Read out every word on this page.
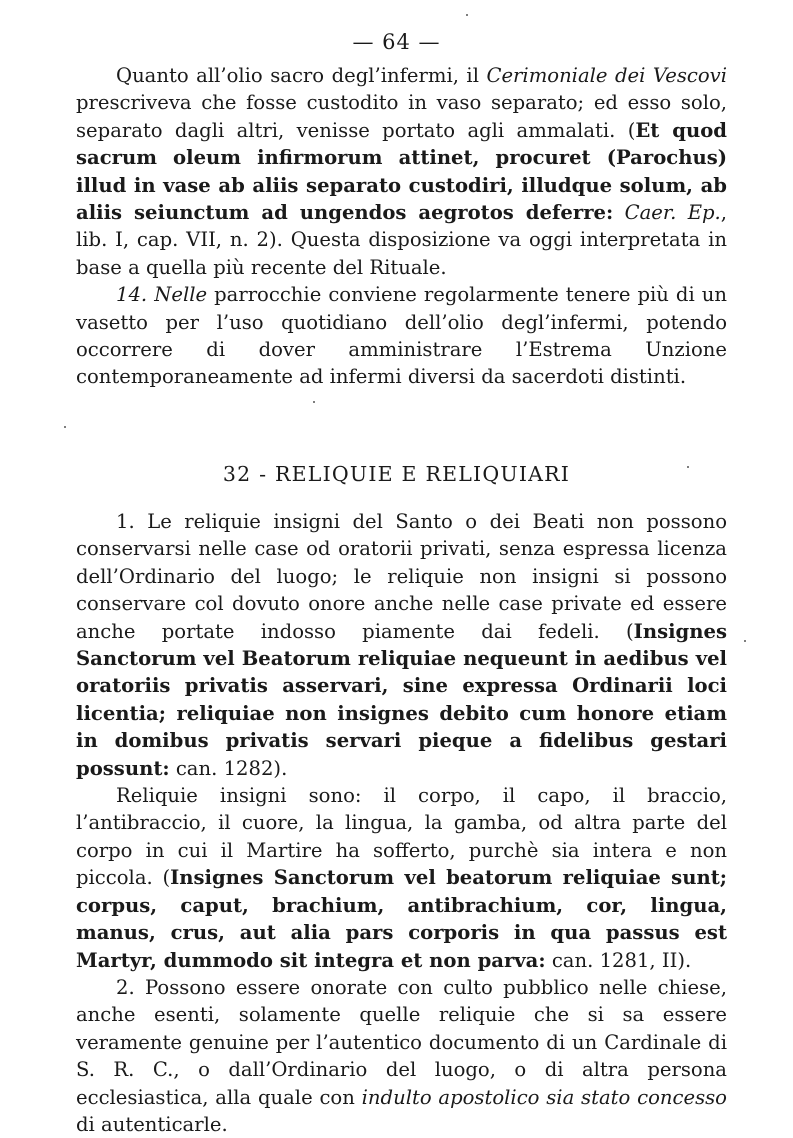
— 64 —

Quanto all’olio sacro degl’infermi, il Cerimoniale dei Vescovi prescriveva che fosse custodito in vaso separato; ed esso solo, separato dagli altri, venisse portato agli ammalati. (Et quod sacrum oleum infirmorum attinet, procuret (Parochus) illud in vase ab aliis separato custodiri, illudque solum, ab aliis seiunctum ad ungendos aegrotos deferre: Caer. Ep., lib. I, cap. VII, n. 2). Questa disposizione va oggi interpretata in base a quella più recente del Rituale.

14. Nelle parrocchie conviene regolarmente tenere più di un vasetto per l’uso quotidiano dell’olio degl’infermi, potendo occorrere di dover amministrare l’Estrema Unzione contemporaneamente ad infermi diversi da sacerdoti distinti.

32 - RELIQUIE E RELIQUIARI

1. Le reliquie insigni del Santo o dei Beati non possono conservarsi nelle case od oratorii privati, senza espressa licenza dell’Ordinario del luogo; le reliquie non insigni si possono conservare col dovuto onore anche nelle case private ed essere anche portate indosso piamente dai fedeli. (Insignes Sanctorum vel Beatorum reliquiae nequeunt in aedibus vel oratoriis privatis asservari, sine expressa Ordinarii loci licentia; reliquiae non insignes debito cum honore etiam in domibus privatis servari pieque a fidelibus gestari possunt: can. 1282).

Reliquie insigni sono: il corpo, il capo, il braccio, l’antibraccio, il cuore, la lingua, la gamba, od altra parte del corpo in cui il Martire ha sofferto, purchè sia intera e non piccola. (Insignes Sanctorum vel beatorum reliquiae sunt; corpus, caput, brachium, antibrachium, cor, lingua, manus, crus, aut alia pars corporis in qua passus est Martyr, dummodo sit integra et non parva: can. 1281, II).

2. Possono essere onorate con culto pubblico nelle chiese, anche esenti, solamente quelle reliquie che si sa essere veramente genuine per l’autentico documento di un Cardinale di S. R. C., o dall’Ordinario del luogo, o di altra persona ecclesiastica, alla quale con indulto apostolico sia stato concesso di autenticarle.
